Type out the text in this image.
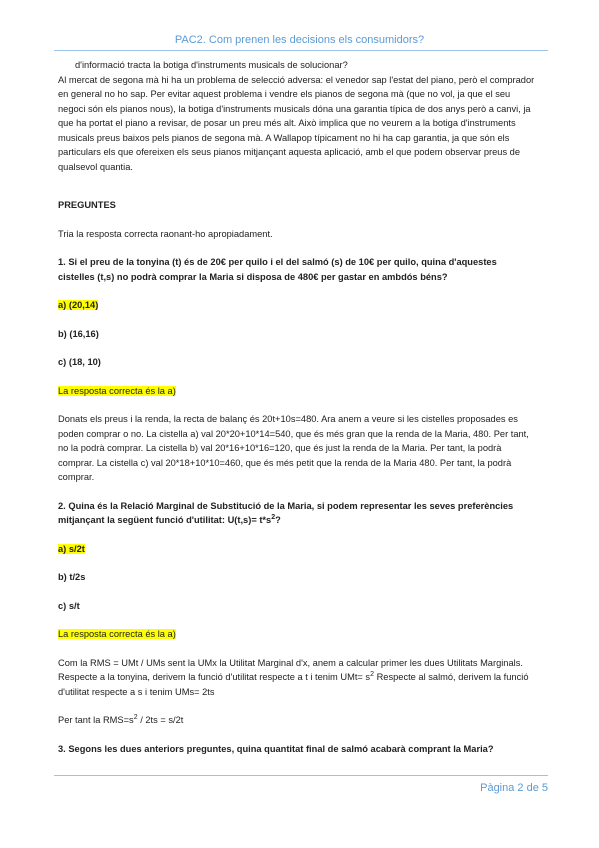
PAC2. Com prenen les decisions els consumidors?

d'informació tracta la botiga d'instruments musicals de solucionar?

Al mercat de segona mà hi ha un problema de selecció adversa: el venedor sap l'estat del piano, però el comprador en general no ho sap. Per evitar aquest problema i vendre els pianos de segona mà (que no vol, ja que el seu negoci són els pianos nous), la botiga d'instruments musicals dóna una garantia típica de dos anys però a canvi, ja que ha portat el piano a revisar, de posar un preu més alt. Això implica que no veurem a la botiga d'instruments musicals preus baixos pels pianos de segona mà. A Wallapop típicament no hi ha cap garantia, ja que són els particulars els que ofereixen els seus pianos mitjançant aquesta aplicació, amb el que podem observar preus de qualsevol quantia.

PREGUNTES

Tria la resposta correcta raonant-ho apropiadament.

1. Si el preu de la tonyina (t) és de 20€ per quilo i el del salmó (s) de 10€ per quilo, quina d'aquestes cistelles (t,s) no podrà comprar la Maria si disposa de 480€ per gastar en ambdós béns?

a) (20,14)

b) (16,16)

c) (18, 10)

La resposta correcta és la a)

Donats els preus i la renda, la recta de balanç és 20t+10s=480. Ara anem a veure si les cistelles proposades es poden comprar o no. La cistella a) val 20*20+10*14=540, que és més gran que la renda de la Maria, 480. Per tant, no la podrà comprar. La cistella b) val 20*16+10*16=120, que és just la renda de la Maria. Per tant, la podrà comprar. La cistella c) val 20*18+10*10=460, que és més petit que la renda de la Maria 480. Per tant, la podrà comprar.

2. Quina és la Relació Marginal de Substitució de la Maria, si podem representar les seves preferències mitjançant la següent funció d'utilitat: $U(t,s)= t*s^2$?

a) s/2t

b) t/2s

c) s/t

La resposta correcta és la a)

Com la RMS = UMt / UMs sent la UMx la Utilitat Marginal d'x, anem a calcular primer les dues Utilitats Marginals. Respecte a la tonyina, derivem la funció d'utilitat respecte a t i tenim $UMt= s^2$ Respecte al salmó, derivem la funció d'utilitat respecte a s i tenim UMs= 2ts

Per tant la $RMS=s^2 / 2ts = s/2t$

3. Segons les dues anteriors preguntes, quina quantitat final de salmó acabarà comprant la Maria?

Pàgina 2 de 5
